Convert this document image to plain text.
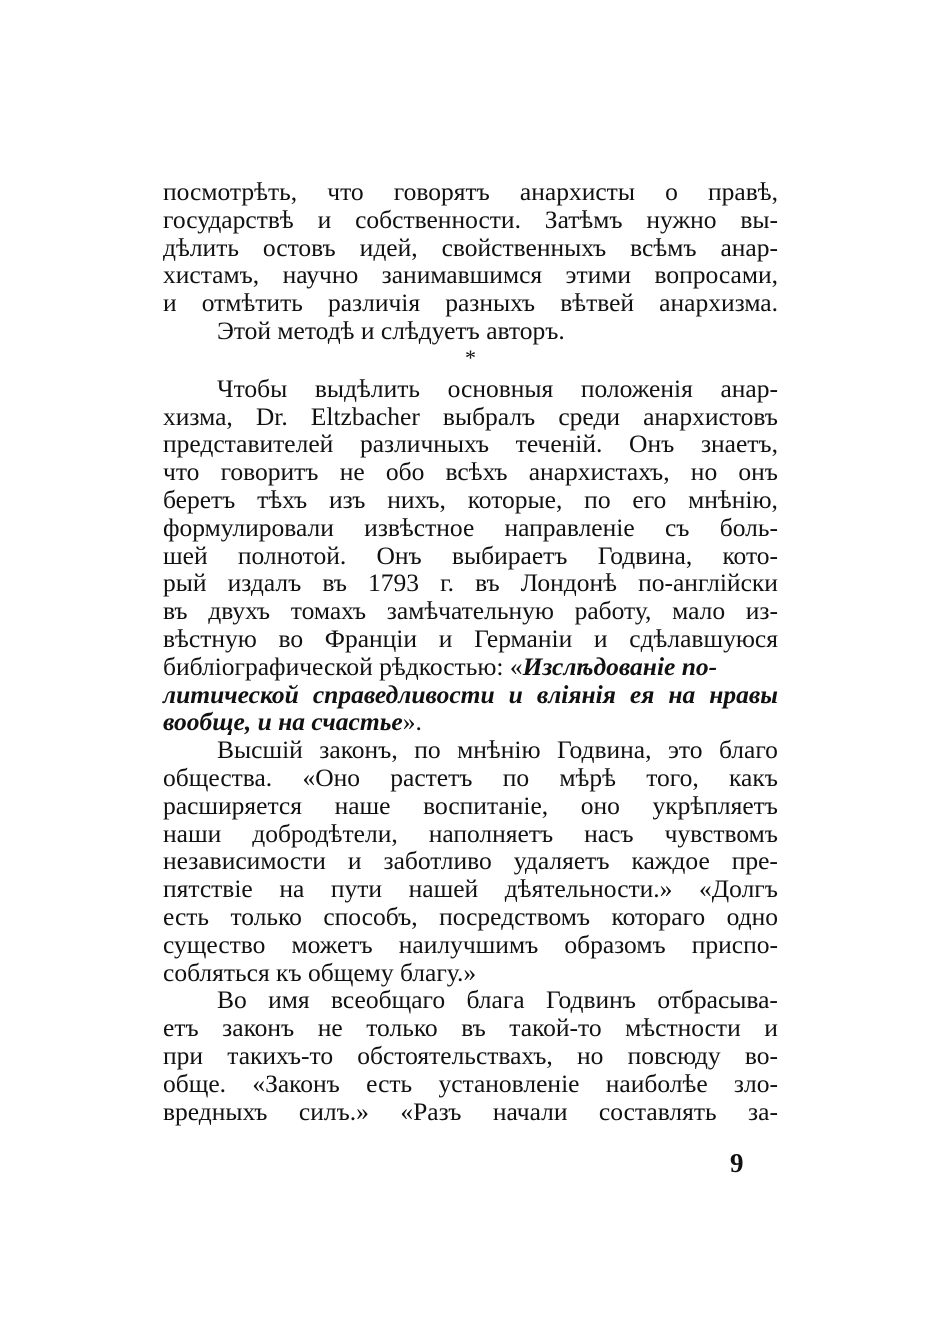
посмотрѣть, что говорятъ анархисты о правѣ,
государствѣ и собственности. Затѣмъ нужно вы-
дѣлить остовъ идей, свойственныхъ всѣмъ анар-
хистамъ, научно занимавшимся этими вопросами,
и отмѣтить различія разныхъ вѣтвей анархизма.
Этой методѣ и слѣдуетъ авторъ.
*
Чтобы выдѣлить основныя положенія анар-
хизма, Dr. Eltzbacher выбралъ среди анархистовъ
представителей различныхъ теченій. Онъ знаетъ,
что говоритъ не обо всѣхъ анархистахъ, но онъ
беретъ тѣхъ изъ нихъ, которые, по его мнѣнію,
формулировали извѣстное направленіе съ боль-
шей полнотой. Онъ выбираетъ Годвина, кото-
рый издалъ въ 1793 г. въ Лондонѣ по-англійски
въ двухъ томахъ замѣчательную работу, мало из-
вѣстную во Франціи и Германіи и сдѣлавшуюся
библіографической рѣдкостью: «Изслѣдованіе по-
литической справедливости и вліянія ея на нравы
вообще, и на счастье ».
Высшій законъ, по мнѣнію Годвина, это благо
общества. «Оно растетъ по мѣрѣ того, какъ
расширяется наше воспитаніе, оно укрѣпляетъ
наши добродѣтели, наполняетъ насъ чувствомъ
независимости и заботливо удаляетъ каждое пре-
пятствіе на пути нашей дѣятельности.» «Долгъ
есть только способъ, посредствомъ котораго одно
существо можетъ наилучшимъ образомъ приспо-
собляться къ общему благу.»
Во имя всеобщаго блага Годвинъ отбрасыва-
етъ законъ не только въ такой-то мѣстности и
при такихъ-то обстоятельствахъ, но повсюду во-
обще. «Законъ есть установленіе наиболѣе зло-
вредныхъ силъ.» «Разъ начали составлять за-
9
